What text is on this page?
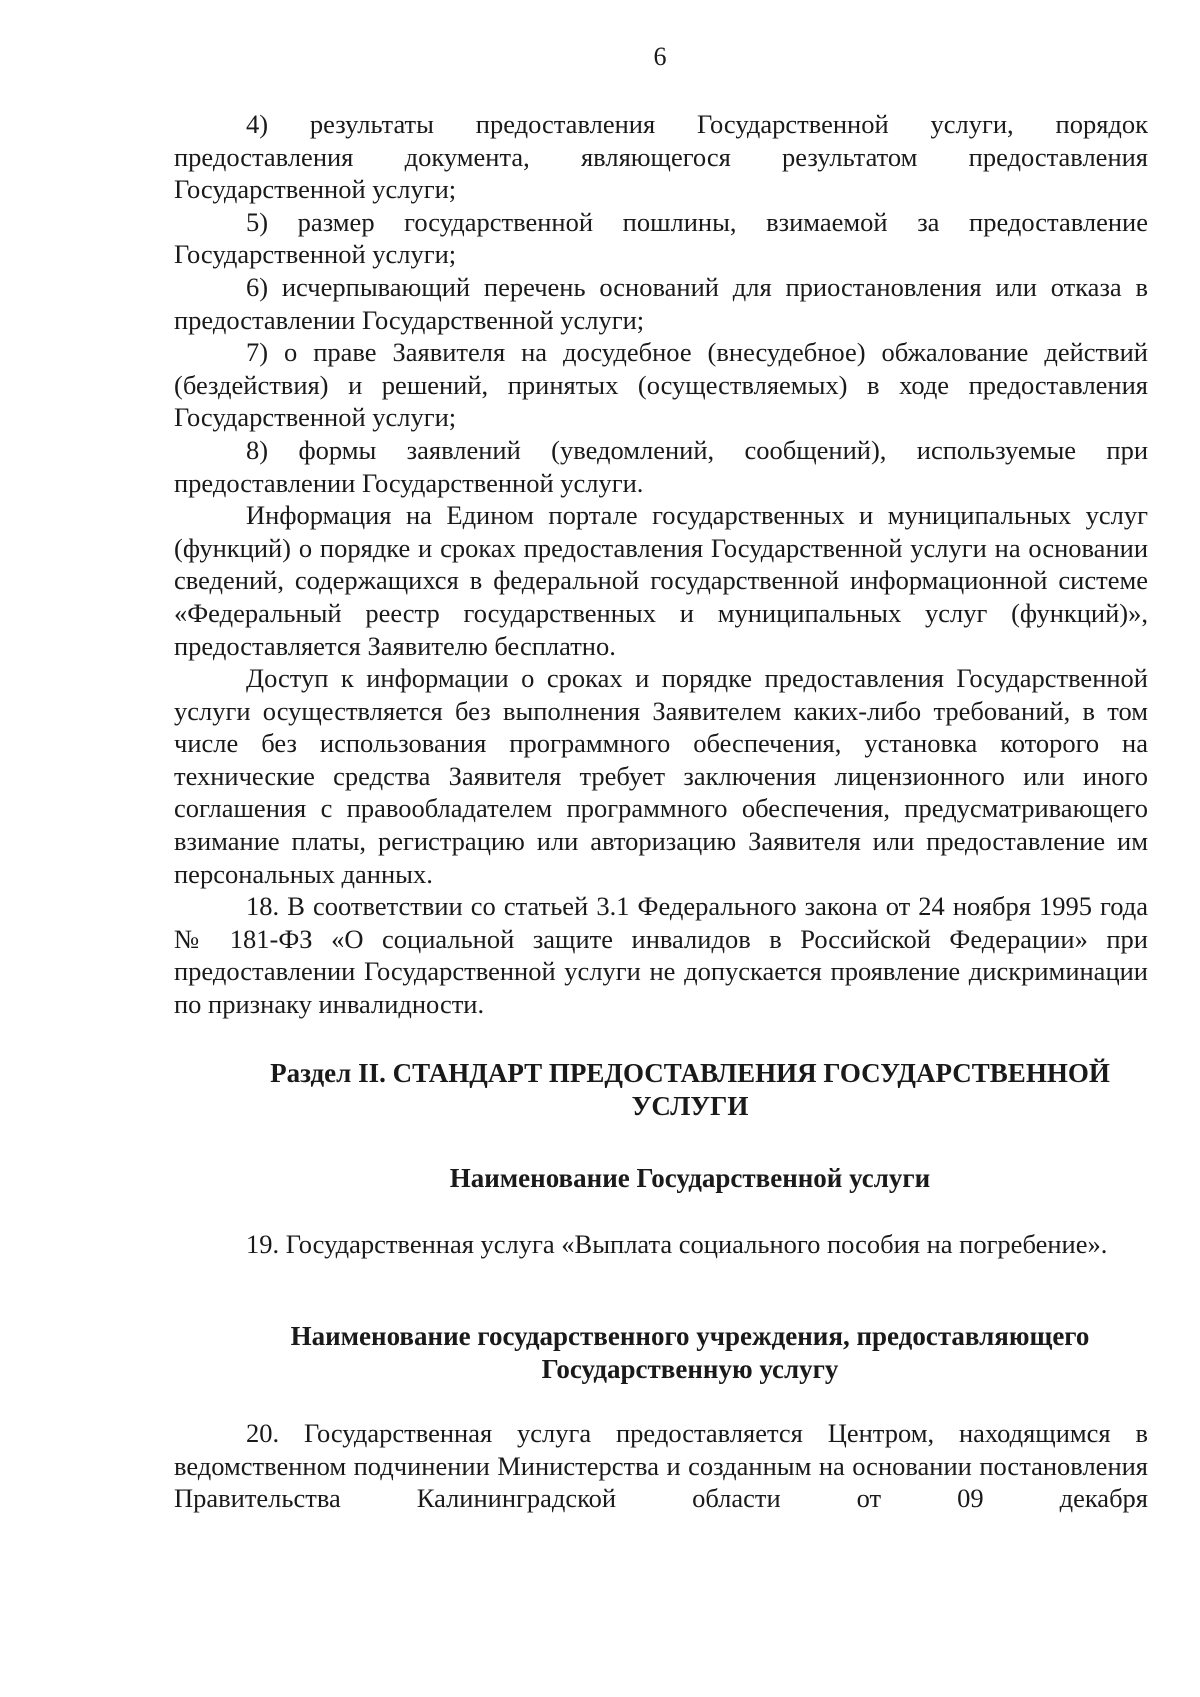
6

4) результаты предоставления Государственной услуги, порядок предоставления документа, являющегося результатом предоставления Государственной услуги;

5) размер государственной пошлины, взимаемой за предоставление Государственной услуги;

6) исчерпывающий перечень оснований для приостановления или отказа в предоставлении Государственной услуги;

7) о праве Заявителя на досудебное (внесудебное) обжалование действий (бездействия) и решений, принятых (осуществляемых) в ходе предоставления Государственной услуги;

8) формы заявлений (уведомлений, сообщений), используемые при предоставлении Государственной услуги.

Информация на Едином портале государственных и муниципальных услуг (функций) о порядке и сроках предоставления Государственной услуги на основании сведений, содержащихся в федеральной государственной информационной системе «Федеральный реестр государственных и муниципальных услуг (функций)», предоставляется Заявителю бесплатно.

Доступ к информации о сроках и порядке предоставления Государственной услуги осуществляется без выполнения Заявителем каких-либо требований, в том числе без использования программного обеспечения, установка которого на технические средства Заявителя требует заключения лицензионного или иного соглашения с правообладателем программного обеспечения, предусматривающего взимание платы, регистрацию или авторизацию Заявителя или предоставление им персональных данных.

18. В соответствии со статьей 3.1 Федерального закона от 24 ноября 1995 года № 181-ФЗ «О социальной защите инвалидов в Российской Федерации» при предоставлении Государственной услуги не допускается проявление дискриминации по признаку инвалидности.

Раздел II. СТАНДАРТ ПРЕДОСТАВЛЕНИЯ ГОСУДАРСТВЕННОЙ УСЛУГИ
Наименование Государственной услуги

19. Государственная услуга «Выплата социального пособия на погребение».

Наименование государственного учреждения, предоставляющего Государственную услугу

20. Государственная услуга предоставляется Центром, находящимся в ведомственном подчинении Министерства и созданным на основании постановления Правительства Калининградской области от 09 декабря
